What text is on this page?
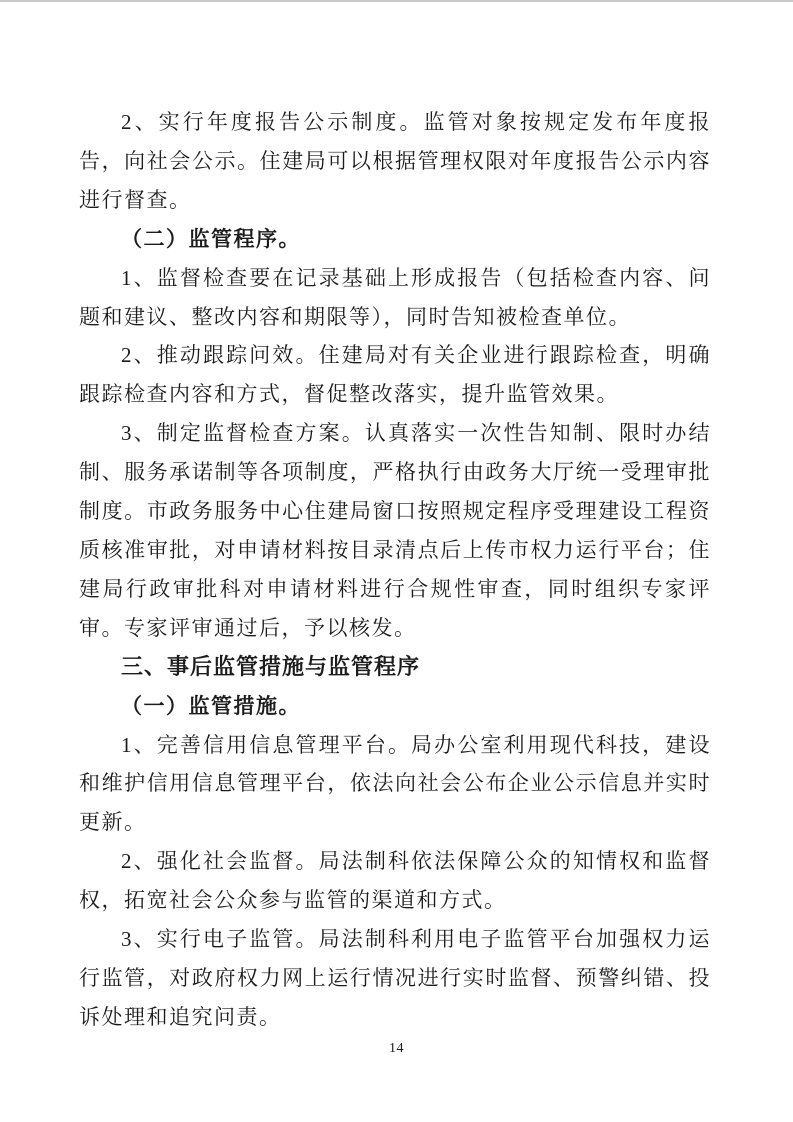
2、实行年度报告公示制度。监管对象按规定发布年度报告，向社会公示。住建局可以根据管理权限对年度报告公示内容进行督查。

（二）监管程序。

1、监督检查要在记录基础上形成报告（包括检查内容、问题和建议、整改内容和期限等），同时告知被检查单位。

2、推动跟踪问效。住建局对有关企业进行跟踪检查，明确跟踪检查内容和方式，督促整改落实，提升监管效果。

3、制定监督检查方案。认真落实一次性告知制、限时办结制、服务承诺制等各项制度，严格执行由政务大厅统一受理审批制度。市政务服务中心住建局窗口按照规定程序受理建设工程资质核准审批，对申请材料按目录清点后上传市权力运行平台；住建局行政审批科对申请材料进行合规性审查，同时组织专家评审。专家评审通过后，予以核发。

三、事后监管措施与监管程序

（一）监管措施。

1、完善信用信息管理平台。局办公室利用现代科技，建设和维护信用信息管理平台，依法向社会公布企业公示信息并实时更新。

2、强化社会监督。局法制科依法保障公众的知情权和监督权，拓宽社会公众参与监管的渠道和方式。

3、实行电子监管。局法制科利用电子监管平台加强权力运行监管，对政府权力网上运行情况进行实时监督、预警纠错、投诉处理和追究问责。

14
